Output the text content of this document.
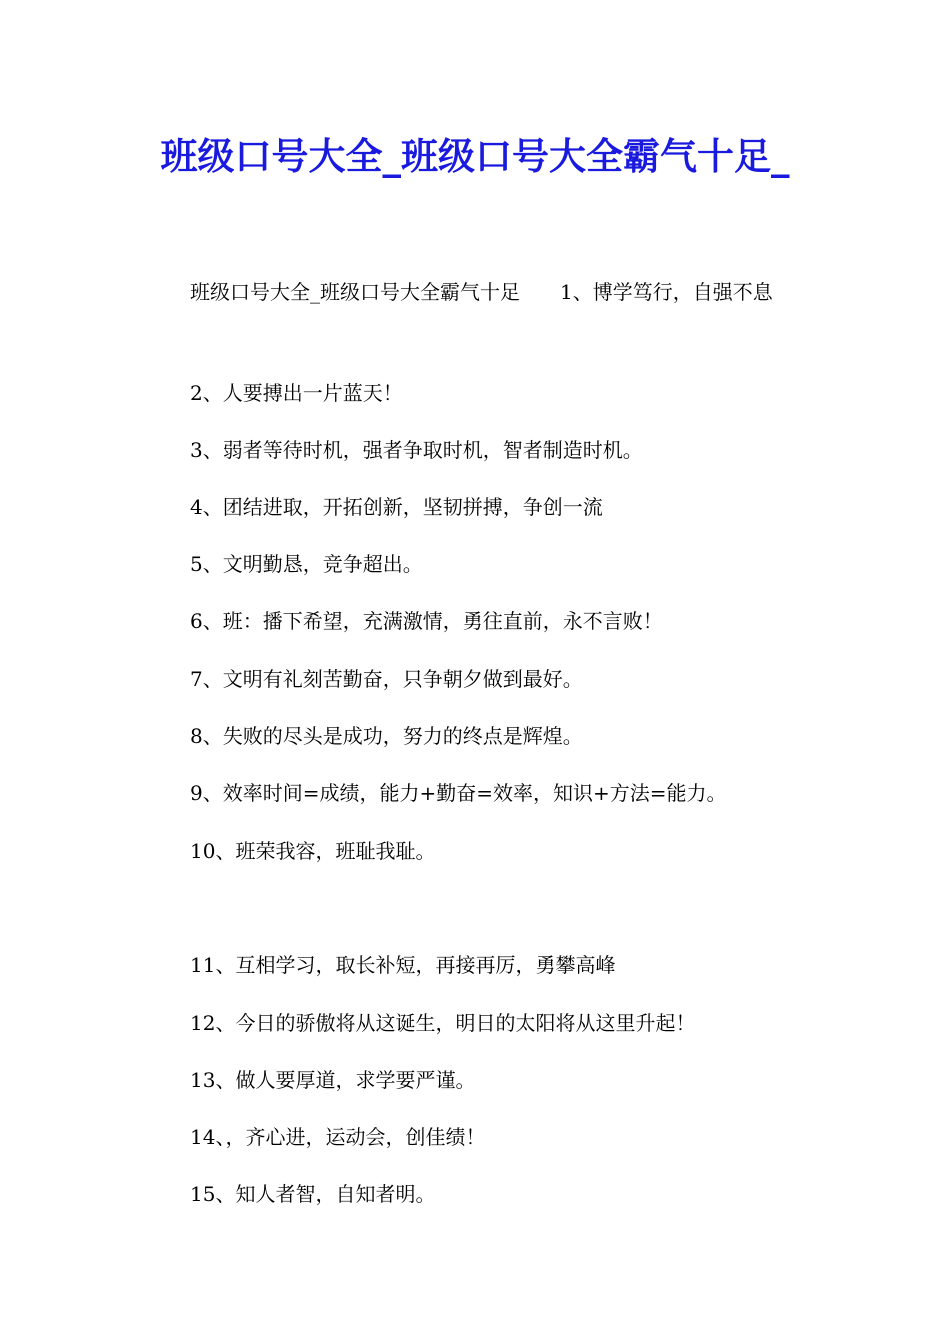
班级口号大全_班级口号大全霸气十足_

班级口号大全_班级口号大全霸气十足 1、博学笃行，自强不息

2、人要搏出一片蓝天！

3、弱者等待时机，强者争取时机，智者制造时机。

4、团结进取，开拓创新，坚韧拼搏，争创一流

5、文明勤恳，竞争超出。

6、班：播下希望，充满激情，勇往直前，永不言败！

7、文明有礼刻苦勤奋，只争朝夕做到最好。

8、失败的尽头是成功，努力的终点是辉煌。

9、效率时间=成绩，能力+勤奋=效率，知识+方法=能力。

10、班荣我容，班耻我耻。

11、互相学习，取长补短，再接再厉，勇攀高峰

12、今日的骄傲将从这诞生，明日的太阳将从这里升起！

13、做人要厚道，求学要严谨。

14、，齐心进，运动会，创佳绩！

15、知人者智，自知者明。
